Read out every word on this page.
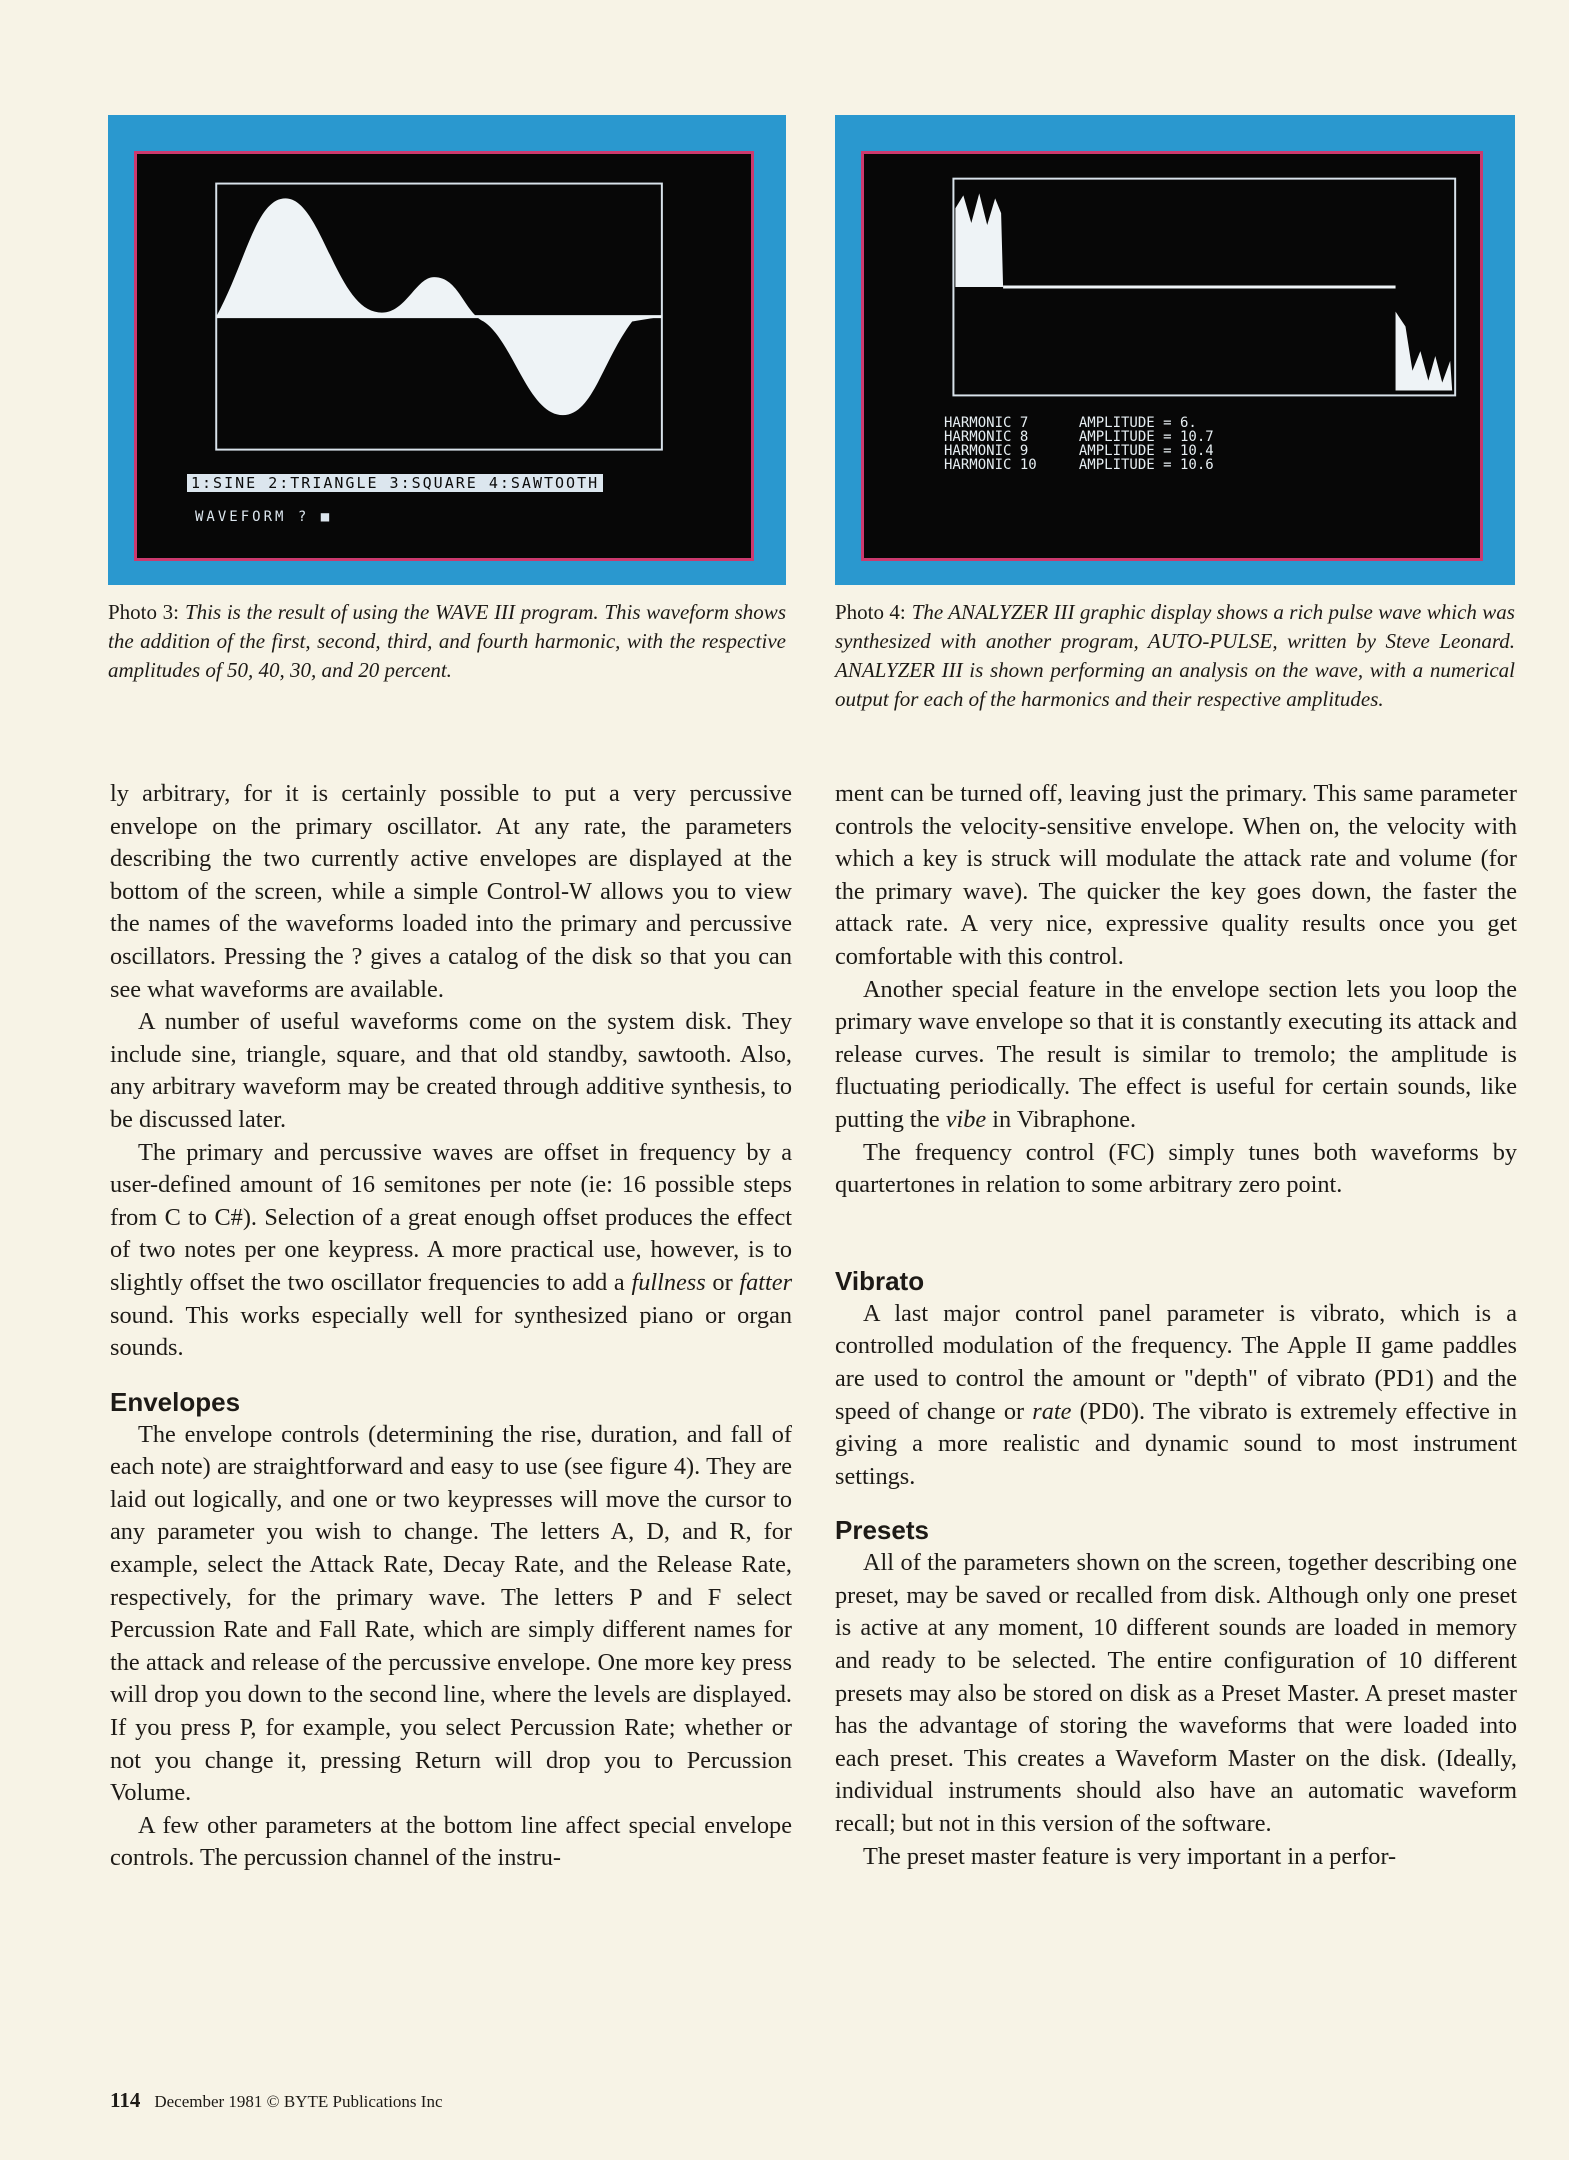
1:SINE 2:TRIANGLE 3:SQUARE 4:SAWTOOTH
WAVEFORM ? ■
HARMONIC 7      AMPLITUDE = 6.
HARMONIC 8      AMPLITUDE = 10.7
HARMONIC 9      AMPLITUDE = 10.4
HARMONIC 10     AMPLITUDE = 10.6
Photo 3: This is the result of using the WAVE III program. This waveform shows the addition of the first, second, third, and fourth harmonic, with the respective amplitudes of 50, 40, 30, and 20 percent.
Photo 4: The ANALYZER III graphic display shows a rich pulse wave which was synthesized with another program, AUTO-PULSE, written by Steve Leonard. ANALYZER III is shown performing an analysis on the wave, with a numerical output for each of the harmonics and their respective amplitudes.

ly arbitrary, for it is certainly possible to put a very percussive envelope on the primary oscillator. At any rate, the parameters describing the two currently active envelopes are displayed at the bottom of the screen, while a simple Control-W allows you to view the names of the waveforms loaded into the primary and percussive oscillators. Pressing the ? gives a catalog of the disk so that you can see what waveforms are available.

A number of useful waveforms come on the system disk. They include sine, triangle, square, and that old standby, sawtooth. Also, any arbitrary waveform may be created through additive synthesis, to be discussed later.

The primary and percussive waves are offset in frequency by a user-defined amount of 16 semitones per note (ie: 16 possible steps from C to C#). Selection of a great enough offset produces the effect of two notes per one keypress. A more practical use, however, is to slightly offset the two oscillator frequencies to add a fullness or fatter sound. This works especially well for synthesized piano or organ sounds.

Envelopes

The envelope controls (determining the rise, duration, and fall of each note) are straightforward and easy to use (see figure 4). They are laid out logically, and one or two keypresses will move the cursor to any parameter you wish to change. The letters A, D, and R, for example, select the Attack Rate, Decay Rate, and the Release Rate, respectively, for the primary wave. The letters P and F select Percussion Rate and Fall Rate, which are simply different names for the attack and release of the percussive envelope. One more key press will drop you down to the second line, where the levels are displayed. If you press P, for example, you select Percussion Rate; whether or not you change it, pressing Return will drop you to Percussion Volume.

A few other parameters at the bottom line affect special envelope controls. The percussion channel of the instru-

ment can be turned off, leaving just the primary. This same parameter controls the velocity-sensitive envelope. When on, the velocity with which a key is struck will modulate the attack rate and volume (for the primary wave). The quicker the key goes down, the faster the attack rate. A very nice, expressive quality results once you get comfortable with this control.

Another special feature in the envelope section lets you loop the primary wave envelope so that it is constantly executing its attack and release curves. The result is similar to tremolo; the amplitude is fluctuating periodically. The effect is useful for certain sounds, like putting the vibe in Vibraphone.

The frequency control (FC) simply tunes both waveforms by quartertones in relation to some arbitrary zero point.

Vibrato

A last major control panel parameter is vibrato, which is a controlled modulation of the frequency. The Apple II game paddles are used to control the amount or "depth" of vibrato (PD1) and the speed of change or rate (PD0). The vibrato is extremely effective in giving a more realistic and dynamic sound to most instrument settings.

Presets

All of the parameters shown on the screen, together describing one preset, may be saved or recalled from disk. Although only one preset is active at any moment, 10 different sounds are loaded in memory and ready to be selected. The entire configuration of 10 different presets may also be stored on disk as a Preset Master. A preset master has the advantage of storing the waveforms that were loaded into each preset. This creates a Waveform Master on the disk. (Ideally, individual instruments should also have an automatic waveform recall; but not in this version of the software.

The preset master feature is very important in a perfor-

114 December 1981 © BYTE Publications Inc
